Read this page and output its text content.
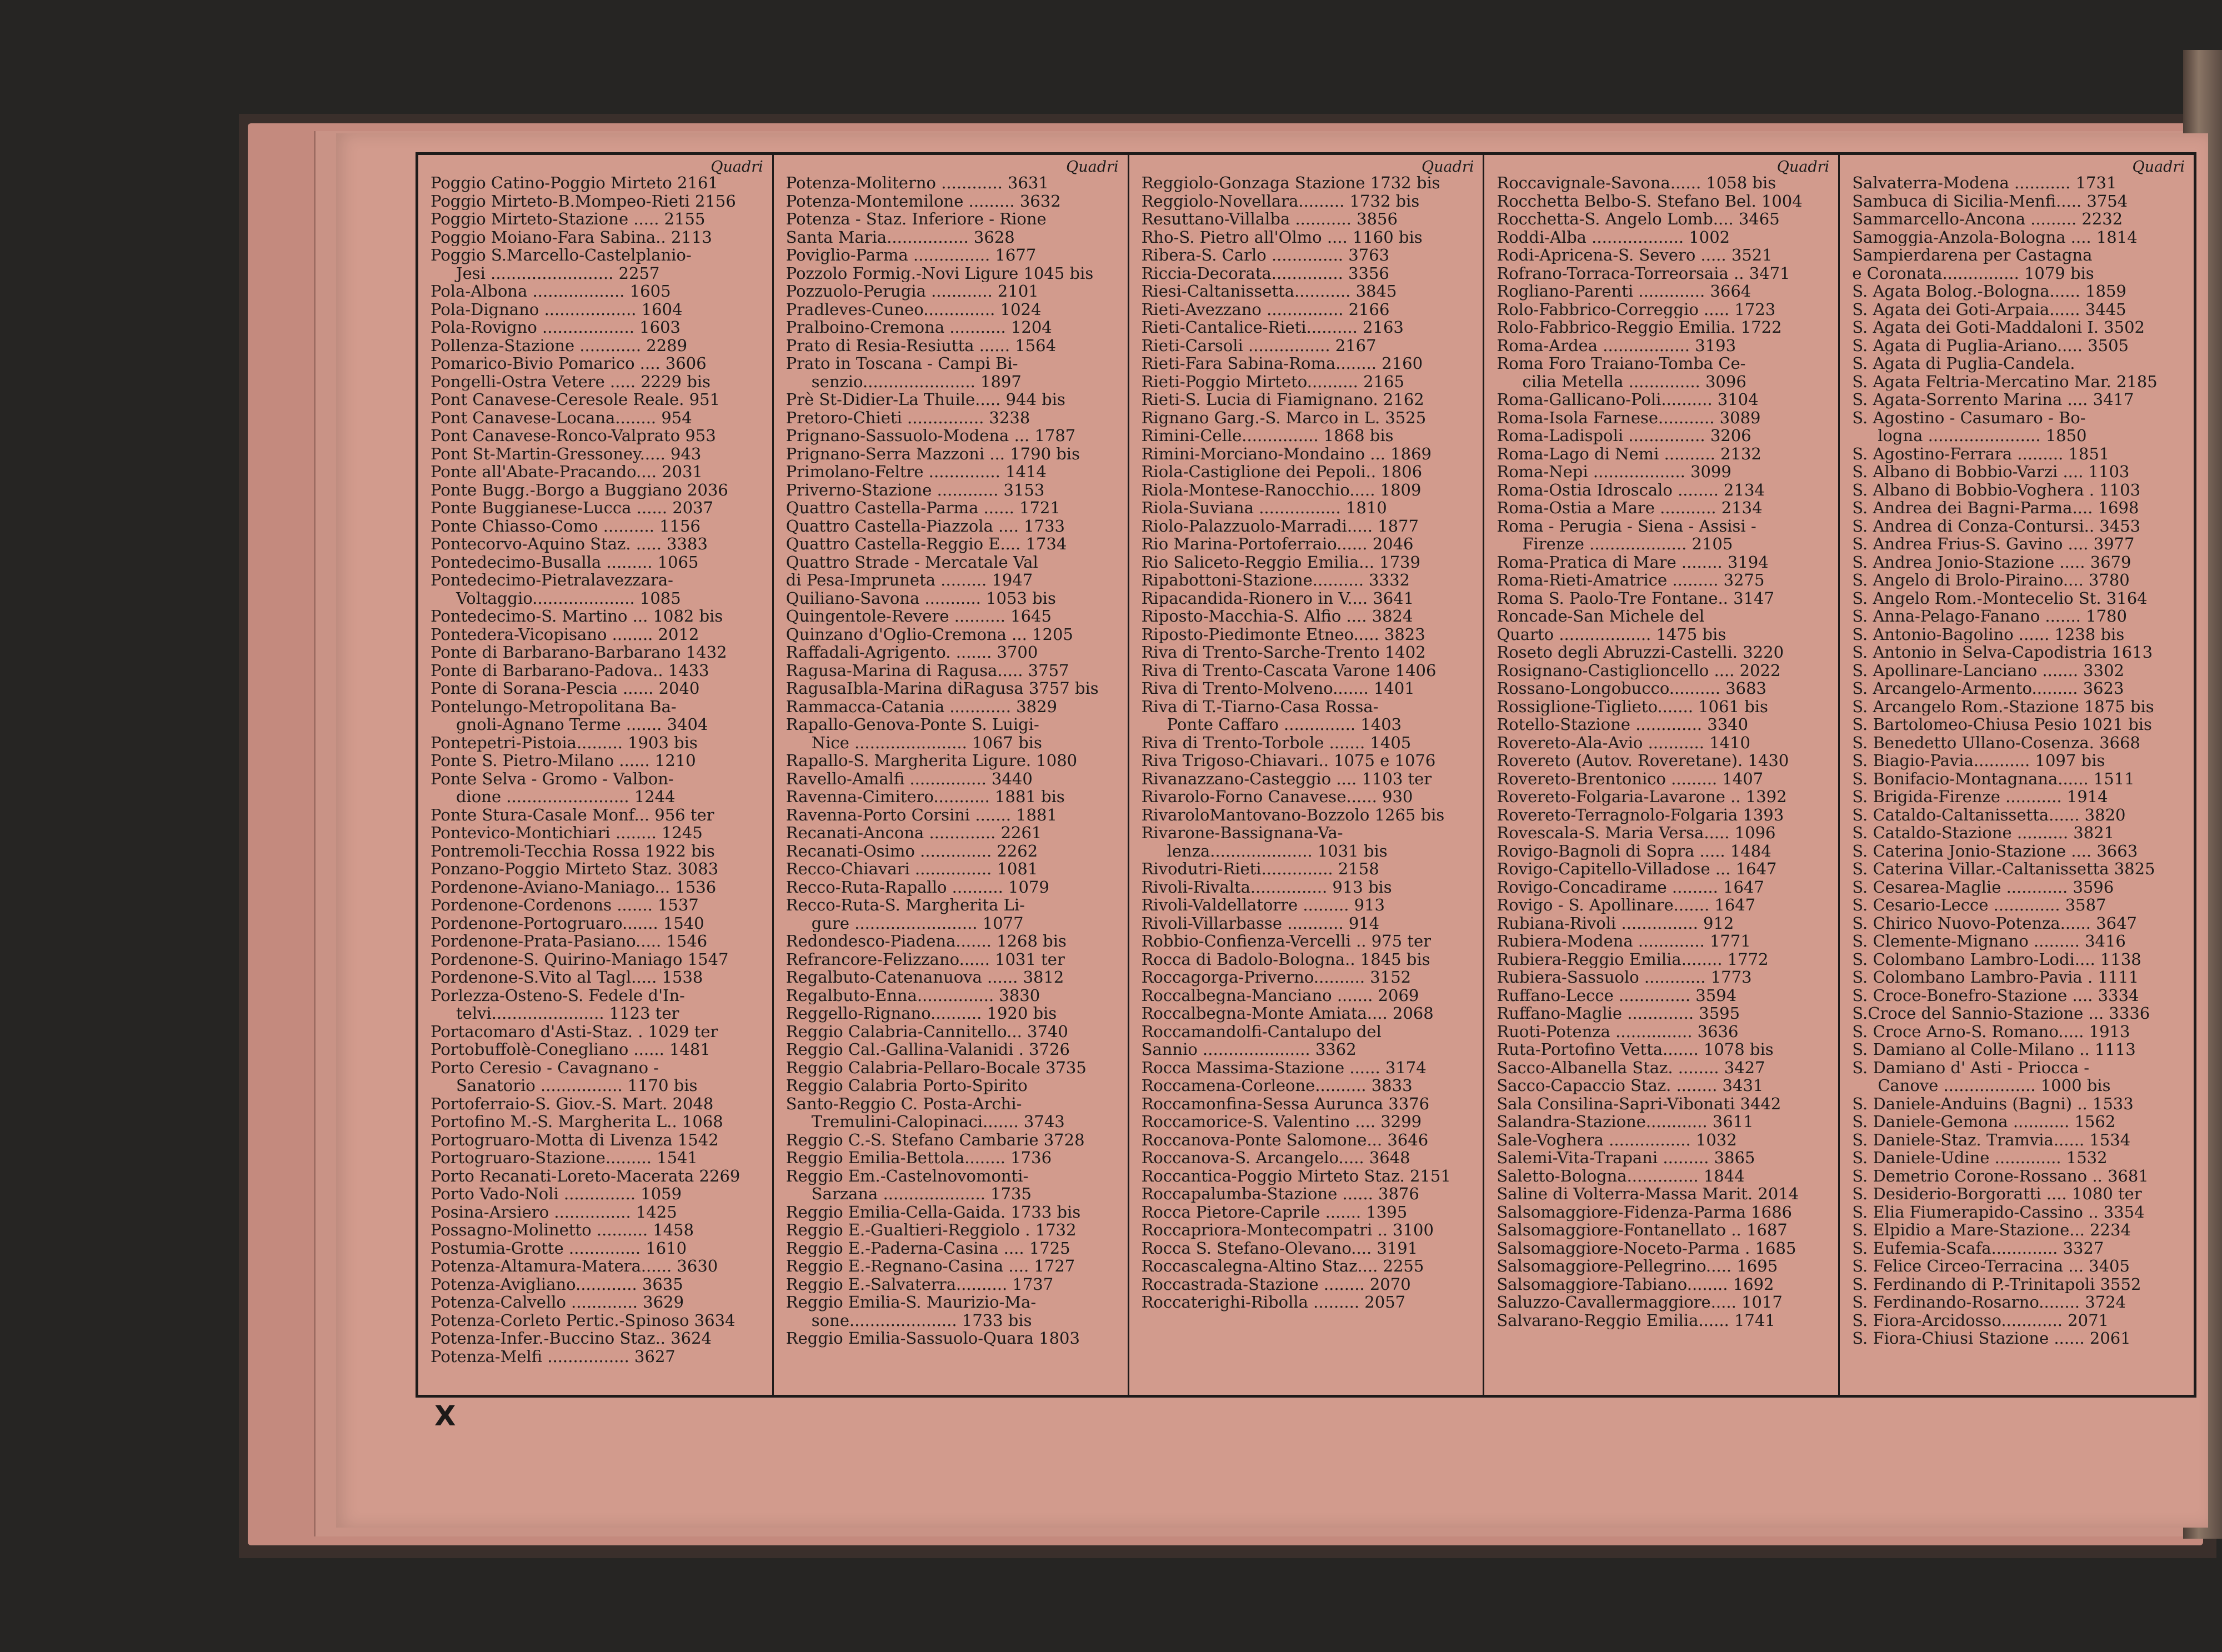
Quadri
Poggio Catino-Poggio Mirteto 2161
Poggio Mirteto-B.Mompeo-Rieti 2156
Poggio Mirteto-Stazione ..... 2155
Poggio Moiano-Fara Sabina.. 2113
Poggio S.Marcello-Castelplanio-
Jesi ........................ 2257
Pola-Albona .................. 1605
Pola-Dignano .................. 1604
Pola-Rovigno .................. 1603
Pollenza-Stazione ............ 2289
Pomarico-Bivio Pomarico .... 3606
Pongelli-Ostra Vetere ..... 2229 bis
Pont Canavese-Ceresole Reale. 951
Pont Canavese-Locana........ 954
Pont Canavese-Ronco-Valprato 953
Pont St-Martin-Gressoney..... 943
Ponte all'Abate-Pracando.... 2031
Ponte Bugg.-Borgo a Buggiano 2036
Ponte Buggianese-Lucca ...... 2037
Ponte Chiasso-Como .......... 1156
Pontecorvo-Aquino Staz. ..... 3383
Pontedecimo-Busalla ......... 1065
Pontedecimo-Pietralavezzara-
Voltaggio.................... 1085
Pontedecimo-S. Martino ... 1082 bis
Pontedera-Vicopisano ........ 2012
Ponte di Barbarano-Barbarano 1432
Ponte di Barbarano-Padova.. 1433
Ponte di Sorana-Pescia ...... 2040
Pontelungo-Metropolitana Ba-
gnoli-Agnano Terme ....... 3404
Pontepetri-Pistoia......... 1903 bis
Ponte S. Pietro-Milano ...... 1210
Ponte Selva - Gromo - Valbon-
dione ........................ 1244
Ponte Stura-Casale Monf... 956 ter
Pontevico-Montichiari ........ 1245
Pontremoli-Tecchia Rossa 1922 bis
Ponzano-Poggio Mirteto Staz. 3083
Pordenone-Aviano-Maniago... 1536
Pordenone-Cordenons ....... 1537
Pordenone-Portogruaro....... 1540
Pordenone-Prata-Pasiano..... 1546
Pordenone-S. Quirino-Maniago 1547
Pordenone-S.Vito al Tagl..... 1538
Porlezza-Osteno-S. Fedele d'In-
telvi...................... 1123 ter
Portacomaro d'Asti-Staz. . 1029 ter
Portobuffolè-Conegliano ...... 1481
Porto Ceresio - Cavagnano -
Sanatorio ................ 1170 bis
Portoferraio-S. Giov.-S. Mart. 2048
Portofino M.-S. Margherita L.. 1068
Portogruaro-Motta di Livenza 1542
Portogruaro-Stazione......... 1541
Porto Recanati-Loreto-Macerata 2269
Porto Vado-Noli .............. 1059
Posina-Arsiero ............... 1425
Possagno-Molinetto .......... 1458
Postumia-Grotte .............. 1610
Potenza-Altamura-Matera...... 3630
Potenza-Avigliano............ 3635
Potenza-Calvello ............. 3629
Potenza-Corleto Pertic.-Spinoso 3634
Potenza-Infer.-Buccino Staz.. 3624
Potenza-Melfi ................ 3627
Quadri
Potenza-Moliterno ............ 3631
Potenza-Montemilone ......... 3632
Potenza - Staz. Inferiore - Rione
Santa Maria................ 3628
Poviglio-Parma ............... 1677
Pozzolo Formig.-Novi Ligure 1045 bis
Pozzuolo-Perugia ............ 2101
Pradleves-Cuneo.............. 1024
Pralboino-Cremona ........... 1204
Prato di Resia-Resiutta ...... 1564
Prato in Toscana - Campi Bi-
senzio...................... 1897
Prè St-Didier-La Thuile..... 944 bis
Pretoro-Chieti ............... 3238
Prignano-Sassuolo-Modena ... 1787
Prignano-Serra Mazzoni ... 1790 bis
Primolano-Feltre .............. 1414
Priverno-Stazione ............ 3153
Quattro Castella-Parma ...... 1721
Quattro Castella-Piazzola .... 1733
Quattro Castella-Reggio E.... 1734
Quattro Strade - Mercatale Val
di Pesa-Impruneta ......... 1947
Quiliano-Savona ........... 1053 bis
Quingentole-Revere .......... 1645
Quinzano d'Oglio-Cremona ... 1205
Raffadali-Agrigento. ....... 3700
Ragusa-Marina di Ragusa..... 3757
RagusaIbla-Marina diRagusa 3757 bis
Rammacca-Catania ............ 3829
Rapallo-Genova-Ponte S. Luigi-
Nice ...................... 1067 bis
Rapallo-S. Margherita Ligure. 1080
Ravello-Amalfi ............... 3440
Ravenna-Cimitero........... 1881 bis
Ravenna-Porto Corsini ....... 1881
Recanati-Ancona ............. 2261
Recanati-Osimo .............. 2262
Recco-Chiavari ............... 1081
Recco-Ruta-Rapallo .......... 1079
Recco-Ruta-S. Margherita Li-
gure ........................ 1077
Redondesco-Piadena....... 1268 bis
Refrancore-Felizzano...... 1031 ter
Regalbuto-Catenanuova ...... 3812
Regalbuto-Enna............... 3830
Reggello-Rignano.......... 1920 bis
Reggio Calabria-Cannitello... 3740
Reggio Cal.-Gallina-Valanidi . 3726
Reggio Calabria-Pellaro-Bocale 3735
Reggio Calabria Porto-Spirito
Santo-Reggio C. Posta-Archi-
Tremulini-Calopinaci....... 3743
Reggio C.-S. Stefano Cambarie 3728
Reggio Emilia-Bettola........ 1736
Reggio Em.-Castelnovomonti-
Sarzana .................... 1735
Reggio Emilia-Cella-Gaida. 1733 bis
Reggio E.-Gualtieri-Reggiolo . 1732
Reggio E.-Paderna-Casina .... 1725
Reggio E.-Regnano-Casina .... 1727
Reggio E.-Salvaterra.......... 1737
Reggio Emilia-S. Maurizio-Ma-
sone..................... 1733 bis
Reggio Emilia-Sassuolo-Quara 1803
Quadri
Reggiolo-Gonzaga Stazione 1732 bis
Reggiolo-Novellara......... 1732 bis
Resuttano-Villalba ........... 3856
Rho-S. Pietro all'Olmo .... 1160 bis
Ribera-S. Carlo .............. 3763
Riccia-Decorata.............. 3356
Riesi-Caltanissetta........... 3845
Rieti-Avezzano ............... 2166
Rieti-Cantalice-Rieti.......... 2163
Rieti-Carsoli ................ 2167
Rieti-Fara Sabina-Roma........ 2160
Rieti-Poggio Mirteto.......... 2165
Rieti-S. Lucia di Fiamignano. 2162
Rignano Garg.-S. Marco in L. 3525
Rimini-Celle............... 1868 bis
Rimini-Morciano-Mondaino ... 1869
Riola-Castiglione dei Pepoli.. 1806
Riola-Montese-Ranocchio..... 1809
Riola-Suviana ................ 1810
Riolo-Palazzuolo-Marradi..... 1877
Rio Marina-Portoferraio...... 2046
Rio Saliceto-Reggio Emilia... 1739
Ripabottoni-Stazione.......... 3332
Ripacandida-Rionero in V.... 3641
Riposto-Macchia-S. Alfio .... 3824
Riposto-Piedimonte Etneo..... 3823
Riva di Trento-Sarche-Trento 1402
Riva di Trento-Cascata Varone 1406
Riva di Trento-Molveno....... 1401
Riva di T.-Tiarno-Casa Rossa-
Ponte Caffaro .............. 1403
Riva di Trento-Torbole ....... 1405
Riva Trigoso-Chiavari.. 1075 e 1076
Rivanazzano-Casteggio .... 1103 ter
Rivarolo-Forno Canavese...... 930
RivaroloMantovano-Bozzolo 1265 bis
Rivarone-Bassignana-Va-
lenza.................... 1031 bis
Rivodutri-Rieti.............. 2158
Rivoli-Rivalta............... 913 bis
Rivoli-Valdellatorre ......... 913
Rivoli-Villarbasse ........... 914
Robbio-Confienza-Vercelli .. 975 ter
Rocca di Badolo-Bologna.. 1845 bis
Roccagorga-Priverno.......... 3152
Roccalbegna-Manciano ....... 2069
Roccalbegna-Monte Amiata.... 2068
Roccamandolfi-Cantalupo del
Sannio ..................... 3362
Rocca Massima-Stazione ...... 3174
Roccamena-Corleone.......... 3833
Roccamonfina-Sessa Aurunca 3376
Roccamorice-S. Valentino .... 3299
Roccanova-Ponte Salomone... 3646
Roccanova-S. Arcangelo..... 3648
Roccantica-Poggio Mirteto Staz. 2151
Roccapalumba-Stazione ...... 3876
Rocca Pietore-Caprile ....... 1395
Roccapriora-Montecompatri .. 3100
Rocca S. Stefano-Olevano.... 3191
Roccascalegna-Altino Staz.... 2255
Roccastrada-Stazione ........ 2070
Roccaterighi-Ribolla ......... 2057
Quadri
Roccavignale-Savona...... 1058 bis
Rocchetta Belbo-S. Stefano Bel. 1004
Rocchetta-S. Angelo Lomb.... 3465
Roddi-Alba .................. 1002
Rodi-Apricena-S. Severo ..... 3521
Rofrano-Torraca-Torreorsaia .. 3471
Rogliano-Parenti ............. 3664
Rolo-Fabbrico-Correggio ..... 1723
Rolo-Fabbrico-Reggio Emilia. 1722
Roma-Ardea ................. 3193
Roma Foro Traiano-Tomba Ce-
cilia Metella .............. 3096
Roma-Gallicano-Poli.......... 3104
Roma-Isola Farnese........... 3089
Roma-Ladispoli ............... 3206
Roma-Lago di Nemi .......... 2132
Roma-Nepi .................. 3099
Roma-Ostia Idroscalo ........ 2134
Roma-Ostia a Mare ........... 2134
Roma - Perugia - Siena - Assisi -
Firenze ................... 2105
Roma-Pratica di Mare ........ 3194
Roma-Rieti-Amatrice ......... 3275
Roma S. Paolo-Tre Fontane.. 3147
Roncade-San Michele del
Quarto .................. 1475 bis
Roseto degli Abruzzi-Castelli. 3220
Rosignano-Castiglioncello .... 2022
Rossano-Longobucco.......... 3683
Rossiglione-Tiglieto....... 1061 bis
Rotello-Stazione ............. 3340
Rovereto-Ala-Avio ........... 1410
Rovereto (Autov. Roveretane). 1430
Rovereto-Brentonico ......... 1407
Rovereto-Folgaria-Lavarone .. 1392
Rovereto-Terragnolo-Folgaria 1393
Rovescala-S. Maria Versa..... 1096
Rovigo-Bagnoli di Sopra ..... 1484
Rovigo-Capitello-Villadose ... 1647
Rovigo-Concadirame ......... 1647
Rovigo - S. Apollinare....... 1647
Rubiana-Rivoli ............... 912
Rubiera-Modena ............. 1771
Rubiera-Reggio Emilia........ 1772
Rubiera-Sassuolo ............ 1773
Ruffano-Lecce .............. 3594
Ruffano-Maglie ............. 3595
Ruoti-Potenza ............... 3636
Ruta-Portofino Vetta....... 1078 bis
Sacco-Albanella Staz. ........ 3427
Sacco-Capaccio Staz. ........ 3431
Sala Consilina-Sapri-Vibonati 3442
Salandra-Stazione............ 3611
Sale-Voghera ................ 1032
Salemi-Vita-Trapani ......... 3865
Saletto-Bologna.............. 1844
Saline di Volterra-Massa Marit. 2014
Salsomaggiore-Fidenza-Parma 1686
Salsomaggiore-Fontanellato .. 1687
Salsomaggiore-Noceto-Parma . 1685
Salsomaggiore-Pellegrino..... 1695
Salsomaggiore-Tabiano........ 1692
Saluzzo-Cavallermaggiore..... 1017
Salvarano-Reggio Emilia...... 1741
Quadri
Salvaterra-Modena ........... 1731
Sambuca di Sicilia-Menfi..... 3754
Sammarcello-Ancona ......... 2232
Samoggia-Anzola-Bologna .... 1814
Sampierdarena per Castagna
e Coronata............... 1079 bis
S. Agata Bolog.-Bologna...... 1859
S. Agata dei Goti-Arpaia...... 3445
S. Agata dei Goti-Maddaloni I. 3502
S. Agata di Puglia-Ariano..... 3505
S. Agata di Puglia-Candela.
S. Agata Feltria-Mercatino Mar. 2185
S. Agata-Sorrento Marina .... 3417
S. Agostino - Casumaro - Bo-
logna ...................... 1850
S. Agostino-Ferrara ......... 1851
S. Albano di Bobbio-Varzi .... 1103
S. Albano di Bobbio-Voghera . 1103
S. Andrea dei Bagni-Parma.... 1698
S. Andrea di Conza-Contursi.. 3453
S. Andrea Frius-S. Gavino .... 3977
S. Andrea Jonio-Stazione ..... 3679
S. Angelo di Brolo-Piraino.... 3780
S. Angelo Rom.-Montecelio St. 3164
S. Anna-Pelago-Fanano ....... 1780
S. Antonio-Bagolino ...... 1238 bis
S. Antonio in Selva-Capodistria 1613
S. Apollinare-Lanciano ....... 3302
S. Arcangelo-Armento......... 3623
S. Arcangelo Rom.-Stazione 1875 bis
S. Bartolomeo-Chiusa Pesio 1021 bis
S. Benedetto Ullano-Cosenza. 3668
S. Biagio-Pavia........... 1097 bis
S. Bonifacio-Montagnana...... 1511
S. Brigida-Firenze ........... 1914
S. Cataldo-Caltanissetta...... 3820
S. Cataldo-Stazione .......... 3821
S. Caterina Jonio-Stazione .... 3663
S. Caterina Villar.-Caltanissetta 3825
S. Cesarea-Maglie ............ 3596
S. Cesario-Lecce ............. 3587
S. Chirico Nuovo-Potenza...... 3647
S. Clemente-Mignano ......... 3416
S. Colombano Lambro-Lodi.... 1138
S. Colombano Lambro-Pavia . 1111
S. Croce-Bonefro-Stazione .... 3334
S.Croce del Sannio-Stazione ... 3336
S. Croce Arno-S. Romano..... 1913
S. Damiano al Colle-Milano .. 1113
S. Damiano d' Asti - Priocca -
Canove .................. 1000 bis
S. Daniele-Anduins (Bagni) .. 1533
S. Daniele-Gemona ........... 1562
S. Daniele-Staz. Tramvia...... 1534
S. Daniele-Udine ............. 1532
S. Demetrio Corone-Rossano .. 3681
S. Desiderio-Borgoratti .... 1080 ter
S. Elia Fiumerapido-Cassino .. 3354
S. Elpidio a Mare-Stazione... 2234
S. Eufemia-Scafa............. 3327
S. Felice Circeo-Terracina ... 3405
S. Ferdinando di P.-Trinitapoli 3552
S. Ferdinando-Rosarno........ 3724
S. Fiora-Arcidosso............ 2071
S. Fiora-Chiusi Stazione ...... 2061
X
